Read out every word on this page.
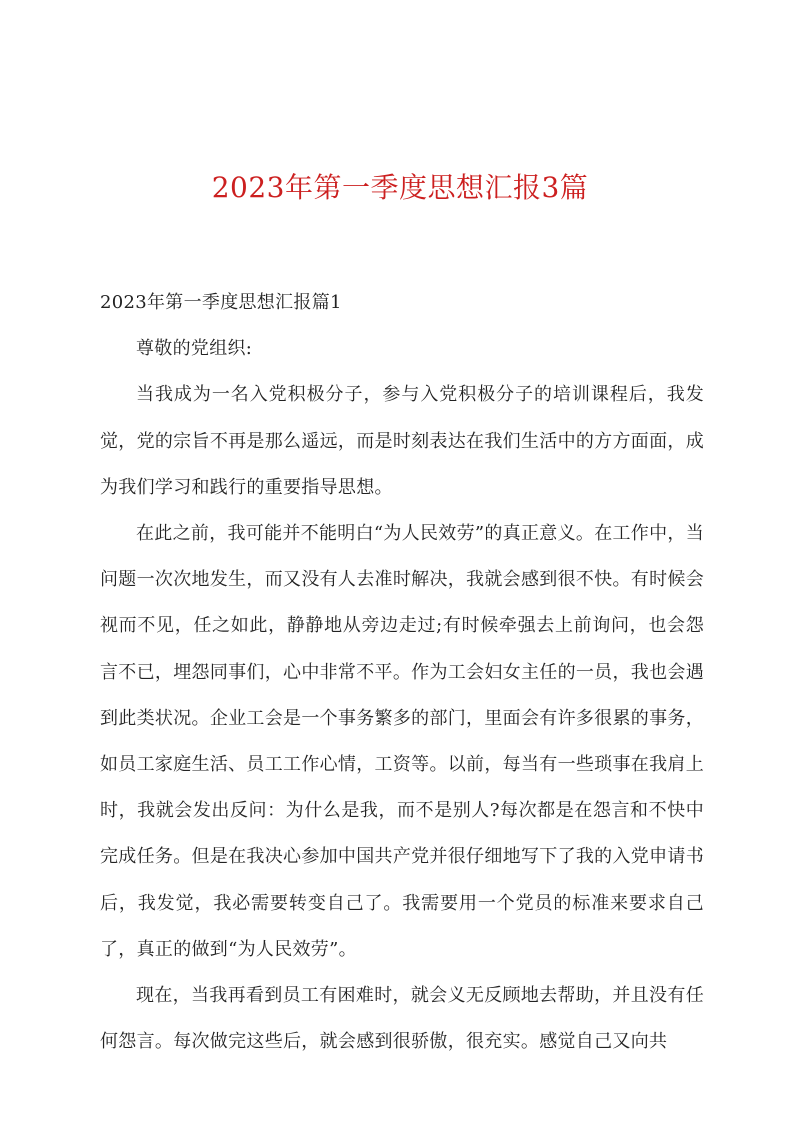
2023年第一季度思想汇报3篇

2023年第一季度思想汇报篇1

尊敬的党组织:

当我成为一名入党积极分子，参与入党积极分子的培训课程后，我发觉，党的宗旨不再是那么遥远，而是时刻表达在我们生活中的方方面面，成为我们学习和践行的重要指导思想。

在此之前，我可能并不能明白“为人民效劳”的真正意义。在工作中，当问题一次次地发生，而又没有人去准时解决，我就会感到很不快。有时候会视而不见，任之如此，静静地从旁边走过;有时候牵强去上前询问，也会怨言不已，埋怨同事们，心中非常不平。作为工会妇女主任的一员，我也会遇到此类状况。企业工会是一个事务繁多的部门，里面会有许多很累的事务，如员工家庭生活、员工工作心情，工资等。以前，每当有一些琐事在我肩上时，我就会发出反问：为什么是我，而不是别人?每次都是在怨言和不快中完成任务。但是在我决心参加中国共产党并很仔细地写下了我的入党申请书后，我发觉，我必需要转变自己了。我需要用一个党员的标准来要求自己了，真正的做到“为人民效劳”。

现在，当我再看到员工有困难时，就会义无反顾地去帮助，并且没有任何怨言。每次做完这些后，就会感到很骄傲，很充实。感觉自己又向共
